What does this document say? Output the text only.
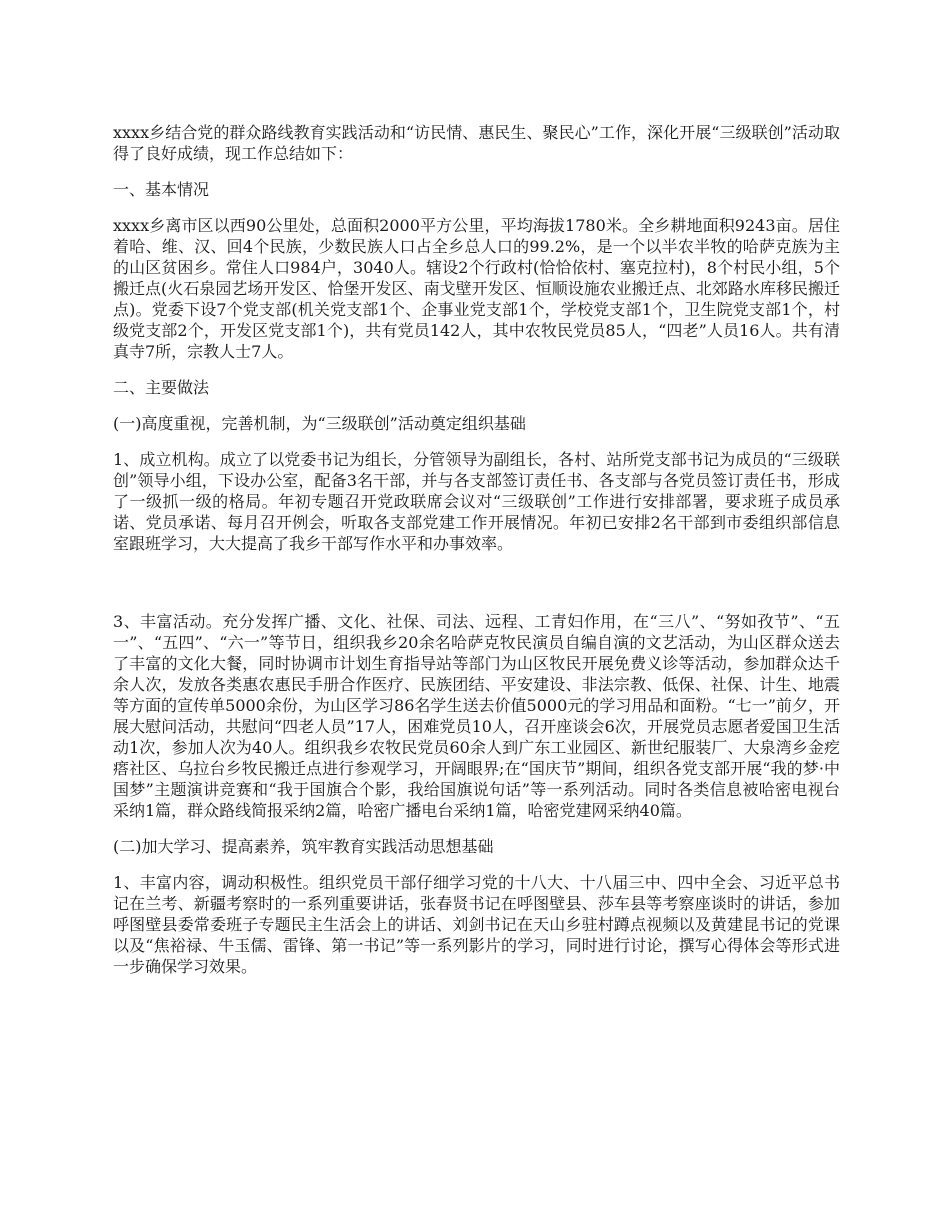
xxxx乡结合党的群众路线教育实践活动和“访民情、惠民生、聚民心”工作，深化开展“三级联创”活动取得了良好成绩，现工作总结如下：

一、基本情况

xxxx乡离市区以西90公里处，总面积2000平方公里，平均海拔1780米。全乡耕地面积9243亩。居住着哈、维、汉、回4个民族，少数民族人口占全乡总人口的99.2%，是一个以半农半牧的哈萨克族为主的山区贫困乡。常住人口984户，3040人。辖设2个行政村(恰恰依村、塞克拉村)，8个村民小组，5个搬迁点(火石泉园艺场开发区、恰堡开发区、南戈壁开发区、恒顺设施农业搬迁点、北郊路水库移民搬迁点)。党委下设7个党支部(机关党支部1个、企事业党支部1个，学校党支部1个，卫生院党支部1个，村级党支部2个，开发区党支部1个)，共有党员142人，其中农牧民党员85人，“四老”人员16人。共有清真寺7所，宗教人士7人。

二、主要做法

(一)高度重视，完善机制，为“三级联创”活动奠定组织基础

1、成立机构。成立了以党委书记为组长，分管领导为副组长，各村、站所党支部书记为成员的“三级联创”领导小组，下设办公室，配备3名干部，并与各支部签订责任书、各支部与各党员签订责任书，形成了一级抓一级的格局。年初专题召开党政联席会议对“三级联创”工作进行安排部署，要求班子成员承诺、党员承诺、每月召开例会，听取各支部党建工作开展情况。年初已安排2名干部到市委组织部信息室跟班学习，大大提高了我乡干部写作水平和办事效率。

3、丰富活动。充分发挥广播、文化、社保、司法、远程、工青妇作用，在“三八”、“努如孜节”、“五一”、“五四”、“六一”等节日，组织我乡20余名哈萨克牧民演员自编自演的文艺活动，为山区群众送去了丰富的文化大餐，同时协调市计划生育指导站等部门为山区牧民开展免费义诊等活动，参加群众达千余人次，发放各类惠农惠民手册合作医疗、民族团结、平安建设、非法宗教、低保、社保、计生、地震等方面的宣传单5000余份，为山区学习86名学生送去价值5000元的学习用品和面粉。“七一”前夕，开展大慰问活动，共慰问“四老人员”17人，困难党员10人，召开座谈会6次，开展党员志愿者爱国卫生活动1次，参加人次为40人。组织我乡农牧民党员60余人到广东工业园区、新世纪服装厂、大泉湾乡金疙瘩社区、乌拉台乡牧民搬迁点进行参观学习，开阔眼界;在“国庆节”期间，组织各党支部开展“我的梦·中国梦”主题演讲竞赛和“我于国旗合个影，我给国旗说句话”等一系列活动。同时各类信息被哈密电视台采纳1篇，群众路线简报采纳2篇，哈密广播电台采纳1篇，哈密党建网采纳40篇。

(二)加大学习、提高素养，筑牢教育实践活动思想基础

1、丰富内容，调动积极性。组织党员干部仔细学习党的十八大、十八届三中、四中全会、习近平总书记在兰考、新疆考察时的一系列重要讲话，张春贤书记在呼图壁县、莎车县等考察座谈时的讲话，参加呼图壁县委常委班子专题民主生活会上的讲话、刘剑书记在天山乡驻村蹲点视频以及黄建昆书记的党课以及“焦裕禄、牛玉儒、雷锋、第一书记”等一系列影片的学习，同时进行讨论，撰写心得体会等形式进一步确保学习效果。
